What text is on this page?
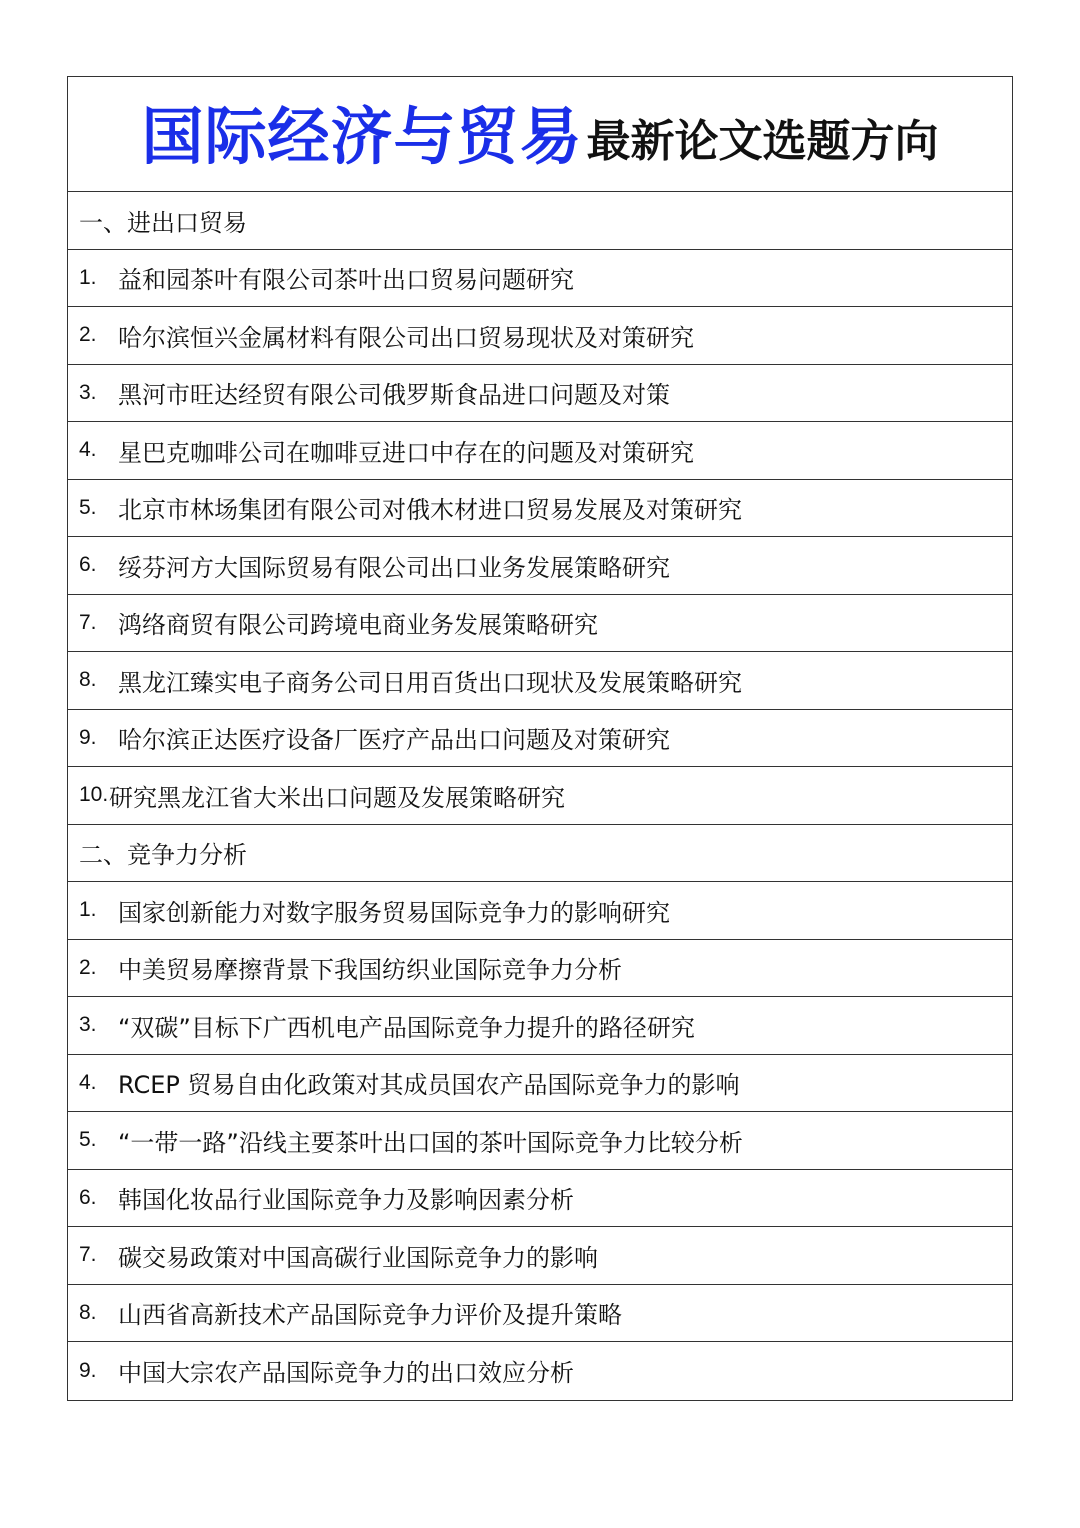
国际经济与贸易 最新论文选题方向
一、进出口贸易
1. 益和园茶叶有限公司茶叶出口贸易问题研究
2. 哈尔滨恒兴金属材料有限公司出口贸易现状及对策研究
3. 黑河市旺达经贸有限公司俄罗斯食品进口问题及对策
4. 星巴克咖啡公司在咖啡豆进口中存在的问题及对策研究
5. 北京市林场集团有限公司对俄木材进口贸易发展及对策研究
6. 绥芬河方大国际贸易有限公司出口业务发展策略研究
7. 鸿络商贸有限公司跨境电商业务发展策略研究
8. 黑龙江臻实电子商务公司日用百货出口现状及发展策略研究
9. 哈尔滨正达医疗设备厂医疗产品出口问题及对策研究
10. 研究黑龙江省大米出口问题及发展策略研究
二、竞争力分析
1. 国家创新能力对数字服务贸易国际竞争力的影响研究
2. 中美贸易摩擦背景下我国纺织业国际竞争力分析
3. “双碳”目标下广西机电产品国际竞争力提升的路径研究
4. RCEP 贸易自由化政策对其成员国农产品国际竞争力的影响
5. “一带一路”沿线主要茶叶出口国的茶叶国际竞争力比较分析
6. 韩国化妆品行业国际竞争力及影响因素分析
7. 碳交易政策对中国高碳行业国际竞争力的影响
8. 山西省高新技术产品国际竞争力评价及提升策略
9. 中国大宗农产品国际竞争力的出口效应分析
